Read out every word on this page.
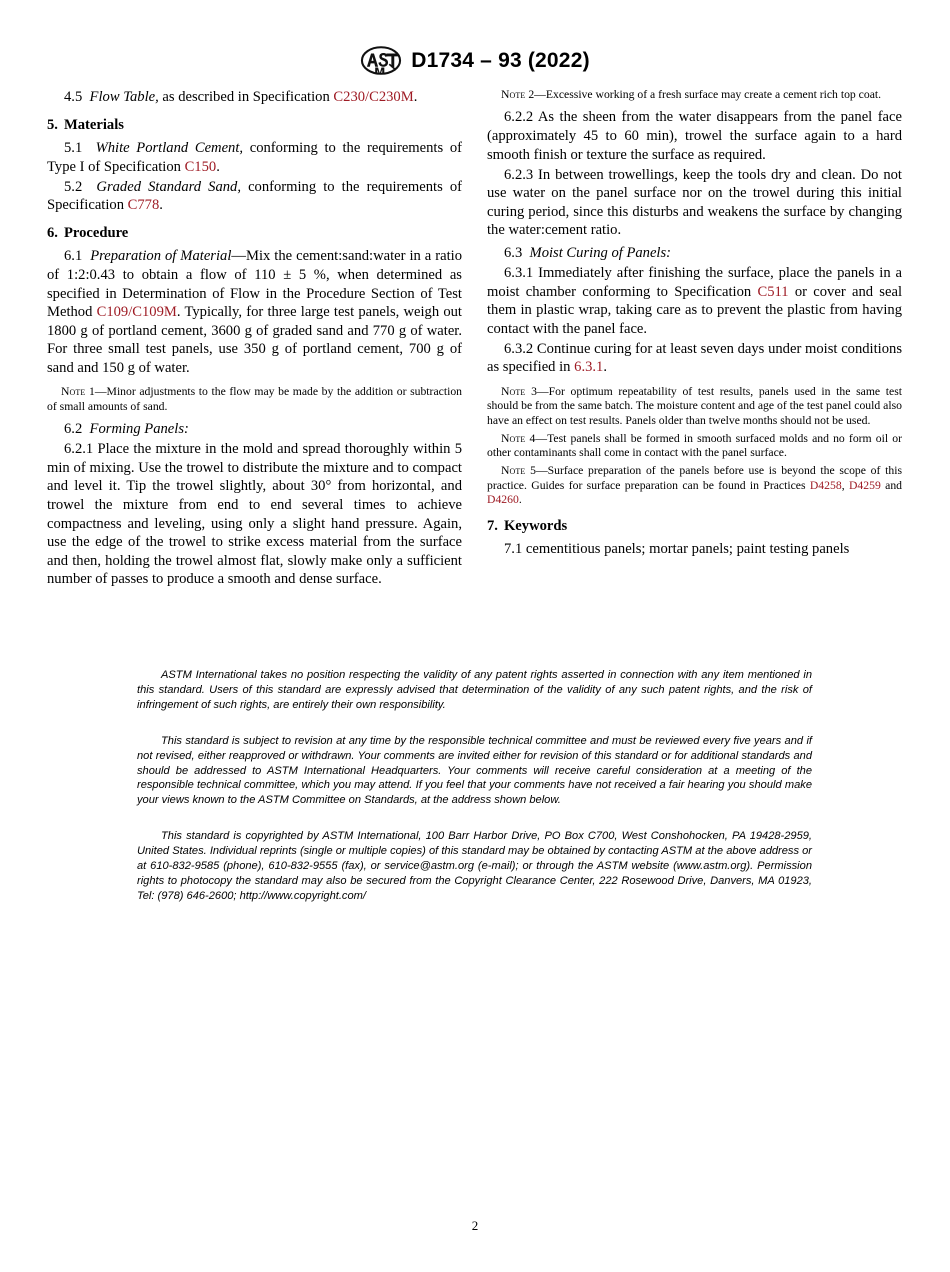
D1734 – 93 (2022)

4.5 Flow Table, as described in Specification C230/C230M.

5. Materials

5.1 White Portland Cement, conforming to the requirements of Type I of Specification C150.

5.2 Graded Standard Sand, conforming to the requirements of Specification C778.

6. Procedure

6.1 Preparation of Material—Mix the cement:sand:water in a ratio of 1:2:0.43 to obtain a flow of 110 ± 5 %, when determined as specified in Determination of Flow in the Procedure Section of Test Method C109/C109M. Typically, for three large test panels, weigh out 1800 g of portland cement, 3600 g of graded sand and 770 g of water. For three small test panels, use 350 g of portland cement, 700 g of sand and 150 g of water.

Note 1—Minor adjustments to the flow may be made by the addition or subtraction of small amounts of sand.

6.2 Forming Panels:

6.2.1 Place the mixture in the mold and spread thoroughly within 5 min of mixing. Use the trowel to distribute the mixture and to compact and level it. Tip the trowel slightly, about 30° from horizontal, and trowel the mixture from end to end several times to achieve compactness and leveling, using only a slight hand pressure. Again, use the edge of the trowel to strike excess material from the surface and then, holding the trowel almost flat, slowly make only a sufficient number of passes to produce a smooth and dense surface.

Note 2—Excessive working of a fresh surface may create a cement rich top coat.

6.2.2 As the sheen from the water disappears from the panel face (approximately 45 to 60 min), trowel the surface again to a hard smooth finish or texture the surface as required.

6.2.3 In between trowellings, keep the tools dry and clean. Do not use water on the panel surface nor on the trowel during this initial curing period, since this disturbs and weakens the surface by changing the water:cement ratio.

6.3 Moist Curing of Panels:

6.3.1 Immediately after finishing the surface, place the panels in a moist chamber conforming to Specification C511 or cover and seal them in plastic wrap, taking care as to prevent the plastic from having contact with the panel face.

6.3.2 Continue curing for at least seven days under moist conditions as specified in 6.3.1.

Note 3—For optimum repeatability of test results, panels used in the same test should be from the same batch. The moisture content and age of the test panel could also have an effect on test results. Panels older than twelve months should not be used.

Note 4—Test panels shall be formed in smooth surfaced molds and no form oil or other contaminants shall come in contact with the panel surface.

Note 5—Surface preparation of the panels before use is beyond the scope of this practice. Guides for surface preparation can be found in Practices D4258, D4259 and D4260.

7. Keywords

7.1 cementitious panels; mortar panels; paint testing panels

ASTM International takes no position respecting the validity of any patent rights asserted in connection with any item mentioned in this standard. Users of this standard are expressly advised that determination of the validity of any such patent rights, and the risk of infringement of such rights, are entirely their own responsibility.

This standard is subject to revision at any time by the responsible technical committee and must be reviewed every five years and if not revised, either reapproved or withdrawn. Your comments are invited either for revision of this standard or for additional standards and should be addressed to ASTM International Headquarters. Your comments will receive careful consideration at a meeting of the responsible technical committee, which you may attend. If you feel that your comments have not received a fair hearing you should make your views known to the ASTM Committee on Standards, at the address shown below.

This standard is copyrighted by ASTM International, 100 Barr Harbor Drive, PO Box C700, West Conshohocken, PA 19428-2959, United States. Individual reprints (single or multiple copies) of this standard may be obtained by contacting ASTM at the above address or at 610-832-9585 (phone), 610-832-9555 (fax), or service@astm.org (e-mail); or through the ASTM website (www.astm.org). Permission rights to photocopy the standard may also be secured from the Copyright Clearance Center, 222 Rosewood Drive, Danvers, MA 01923, Tel: (978) 646-2600; http://www.copyright.com/

2
